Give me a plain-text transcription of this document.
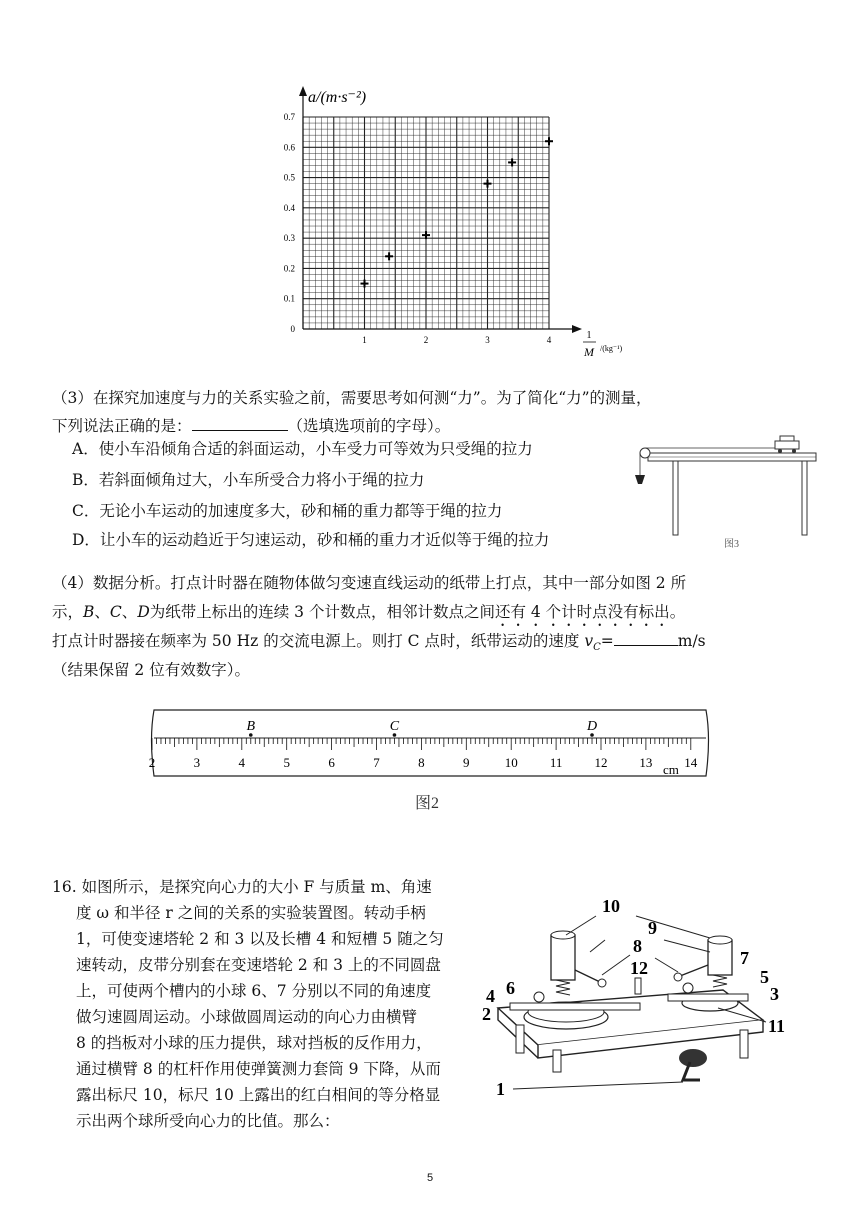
0
0.1
0.2
0.3
0.4
0.5
0.6
0.7
1	2	3	4
a/(m·s⁻²)
1
M /(kg⁻¹)
（3）在探究加速度与力的关系实验之前，需要思考如何测“力”。为了简化“力”的测量，
下列说法正确的是：	（选填选项前的字母）。
A．使小车沿倾角合适的斜面运动，小车受力可等效为只受绳的拉力
B．若斜面倾角过大，小车所受合力将小于绳的拉力
C．无论小车运动的加速度多大，砂和桶的重力都等于绳的拉力
D．让小车的运动趋近于匀速运动，砂和桶的重力才近似等于绳的拉力	图3
（4）数据分析。打点计时器在随物体做匀变速直线运动的纸带上打点，其中一部分如图 2 所
示，B、C、D为纸带上标出的连续 3 个计数点，相邻计数点之间还有 4 个计时点没有标出。
打点计时器接在频率为 50 Hz 的交流电源上。则打 C 点时，纸带运动的速度 $v_C=$	m/s
（结果保留 2 位有效数字）。
2	3	4	5	6	7	8	9	10 11 12 13 14
B	C	D
cm
图2
16. 如图所示，是探究向心力的大小 F 与质量 m、角速
度 ω 和半径 r 之间的关系的实验装置图。转动手柄
1，可使变速塔轮 2 和 3 以及长槽 4 和短槽 5 随之匀
速转动，皮带分别套在变速塔轮 2 和 3 上的不同圆盘
上，可使两个槽内的小球 6、7 分别以不同的角速度
做匀速圆周运动。小球做圆周运动的向心力由横臂
8 的挡板对小球的压力提供，球对挡板的反作用力，
通过横臂 8 的杠杆作用使弹簧测力套筒 9 下降，从而
露出标尺 10，标尺 10 上露出的红白相间的等分格显
示出两个球所受向心力的比值。那么：
10
9
8
12	7
6
5
4
2
3
11
1
5
